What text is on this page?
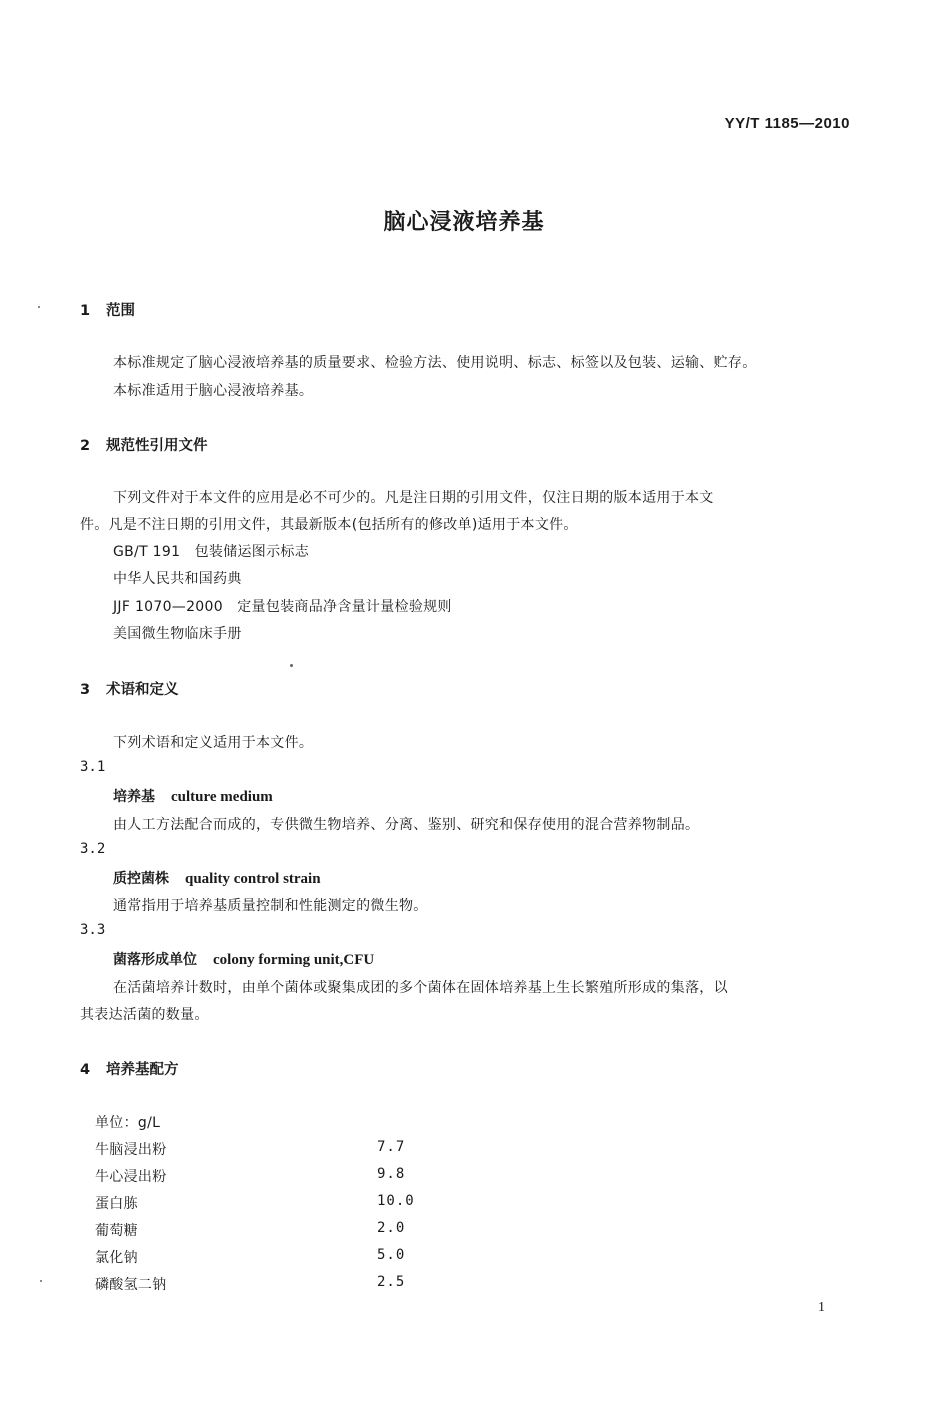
YY/T 1185—2010
脑心浸液培养基
1 范围
本标准规定了脑心浸液培养基的质量要求、检验方法、使用说明、标志、标签以及包装、运输、贮存。
本标准适用于脑心浸液培养基。
2 规范性引用文件
下列文件对于本文件的应用是必不可少的。凡是注日期的引用文件，仅注日期的版本适用于本文
件。凡是不注日期的引用文件，其最新版本(包括所有的修改单)适用于本文件。
GB/T 191　包装储运图示标志
中华人民共和国药典
JJF 1070—2000　定量包装商品净含量计量检验规则
美国微生物临床手册
3 术语和定义
下列术语和定义适用于本文件。
3.1
培养基 culture medium
由人工方法配合而成的，专供微生物培养、分离、鉴别、研究和保存使用的混合营养物制品。
3.2
质控菌株 quality control strain
通常指用于培养基质量控制和性能测定的微生物。
3.3
菌落形成单位 colony forming unit,CFU
在活菌培养计数时，由单个菌体或聚集成团的多个菌体在固体培养基上生长繁殖所形成的集落，以
其表达活菌的数量。
4 培养基配方
单位：g/L
牛脑浸出粉	7.7
牛心浸出粉	9.8
蛋白胨	10.0
葡萄糖	2.0
氯化钠	5.0
磷酸氢二钠	2.5
1
